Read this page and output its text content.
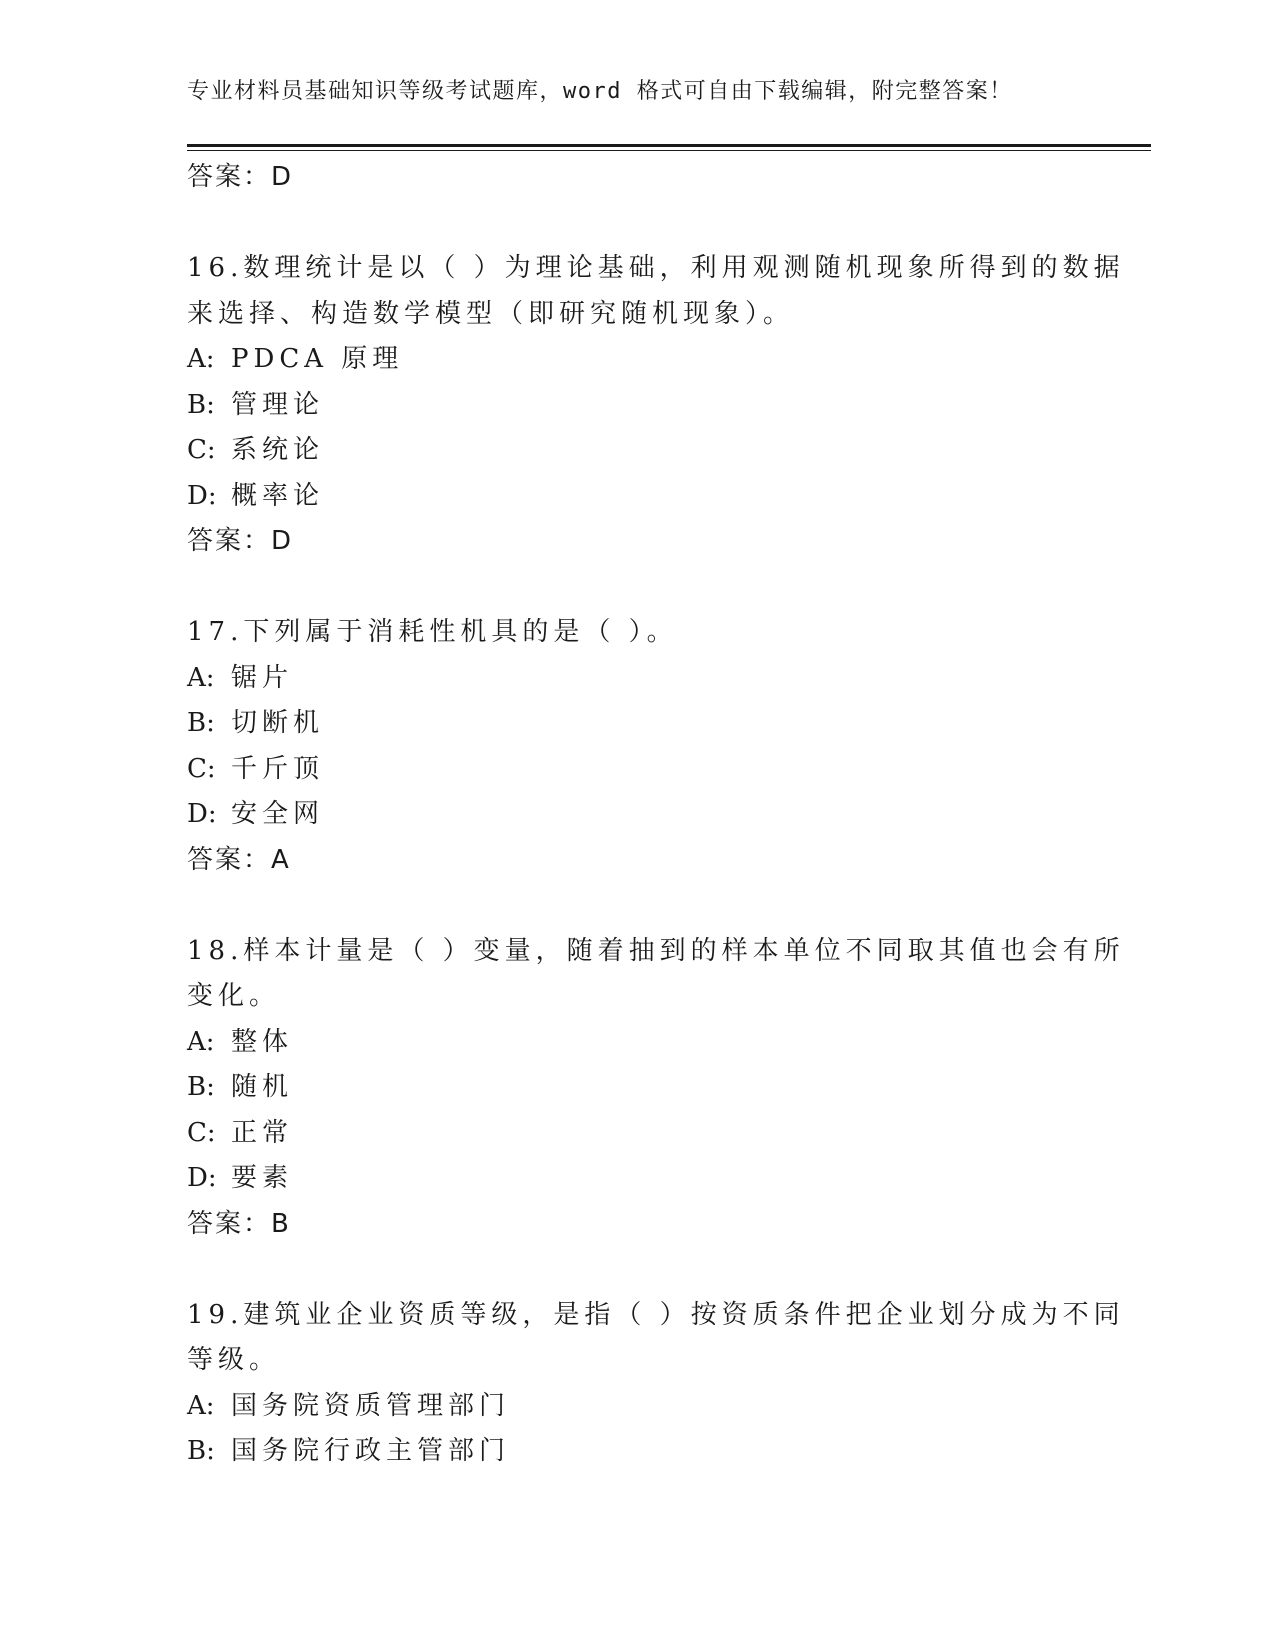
专业材料员基础知识等级考试题库，word 格式可自由下载编辑，附完整答案！
答案：D
16.数理统计是以（ ）为理论基础，利用观测随机现象所得到的数据
来选择、构造数学模型（即研究随机现象）。
A: PDCA 原理
B: 管理论
C: 系统论
D: 概率论
答案：D
17.下列属于消耗性机具的是（ ）。
A: 锯片
B: 切断机
C: 千斤顶
D: 安全网
答案：A
18.样本计量是（ ）变量，随着抽到的样本单位不同取其值也会有所
变化。
A: 整体
B: 随机
C: 正常
D: 要素
答案：B
19.建筑业企业资质等级，是指（ ）按资质条件把企业划分成为不同
等级。
A: 国务院资质管理部门
B: 国务院行政主管部门
